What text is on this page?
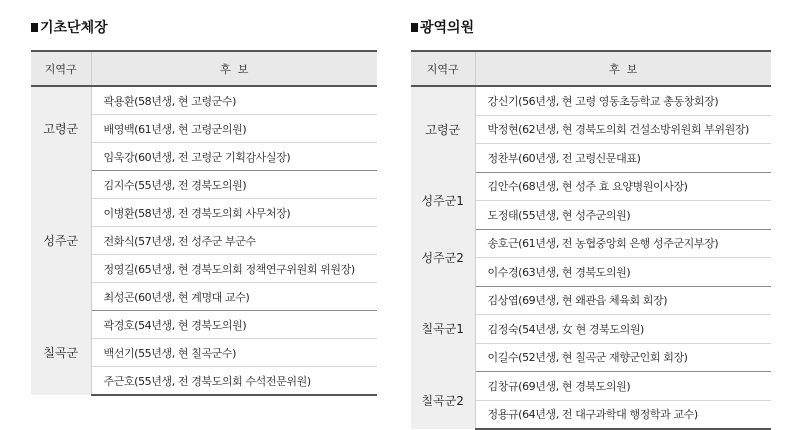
기초단체장
지역구	후  보
고령군	곽용환(58년생, 현 고령군수)
	배영백(61년생, 현 고령군의원)
	임욱강(60년생, 전 고령군 기획감사실장)
성주군	김지수(55년생, 전 경북도의원)
	이병환(58년생, 전 경북도의회 사무처장)
	전화식(57년생, 전 성주군 부군수
	정영길(65년생, 현 경북도의회 정책연구위원회 위원장)
	최성곤(60년생, 현 계명대 교수)
칠곡군	곽경호(54년생, 현 경북도의원)
	백선기(55년생, 현 칠곡군수)
	주근호(55년생, 전 경북도의회 수석전문위원)
광역의원
지역구	후  보
고령군	강신기(56년생, 현 고령 영동초등학교 총동창회장)
	박정현(62년생, 현 경북도의회 건설소방위원회 부위원장)
	정찬부(60년생, 전 고령신문대표)
성주군1	김안수(68년생, 현 성주 효 요양병원이사장)
	도정태(55년생, 현 성주군의원)
성주군2	송호근(61년생, 전 농협중앙회 은행 성주군지부장)
	이수경(63년생, 현 경북도의원)
칠곡군1	김상엽(69년생, 현 왜관읍 체육회 회장)
	김정숙(54년생, 女 현 경북도의원)
	이길수(52년생, 현 칠곡군 재향군인회 회장)
칠곡군2	김창규(69년생, 현 경북도의원)
	정용규(64년생, 전 대구과학대 행정학과 교수)
